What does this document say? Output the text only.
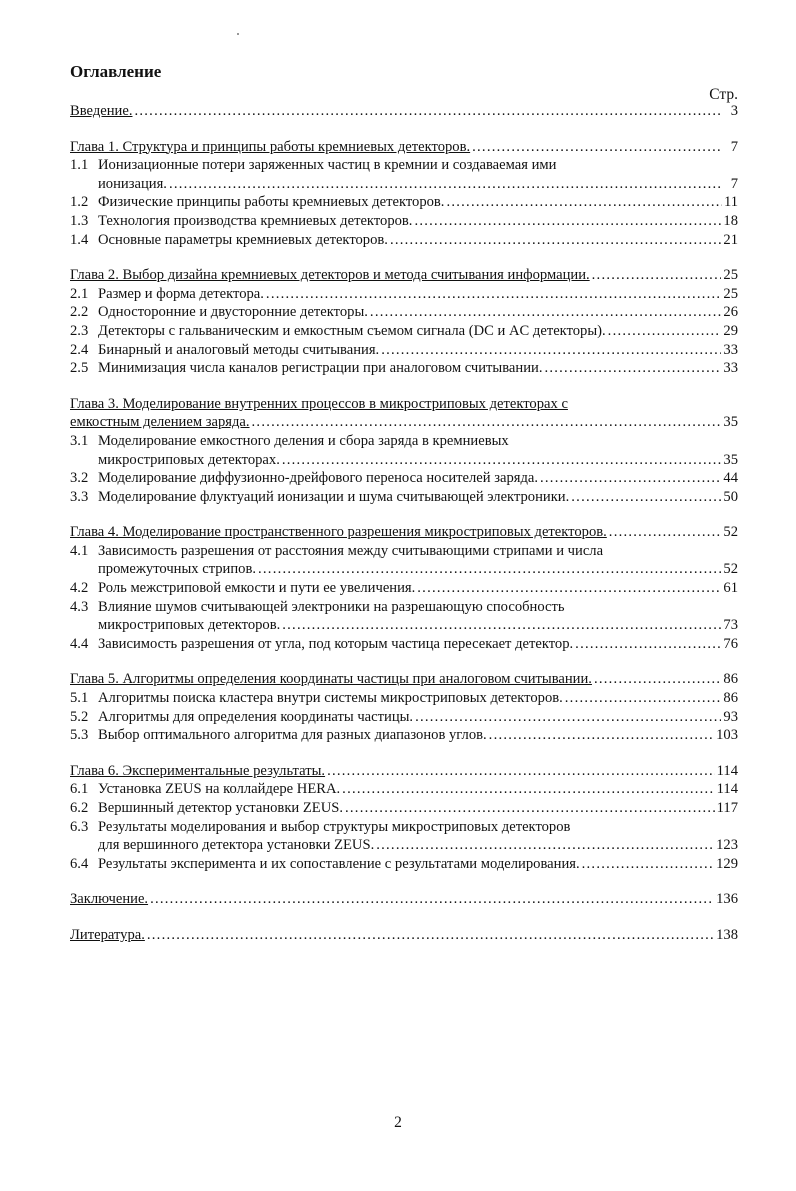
Оглавление
Стр.
Введение. . . .	3
Глава 1. Структура и принципы работы кремниевых детекторов. . . .	7
1.1 Ионизационные потери заряженных частиц в кремнии и создаваемая ими
ионизация. . . .	7
1.2 Физические принципы работы кремниевых детекторов. . . .	11
1.3 Технология производства кремниевых детекторов. . . .	18
1.4 Основные параметры кремниевых детекторов. . . .	21
Глава 2. Выбор дизайна кремниевых детекторов и метода считывания информации. . . .	25
2.1 Размер и форма детектора. . . .	25
2.2 Односторонние и двусторонние детекторы. . . .	26
2.3 Детекторы с гальваническим и емкостным съемом сигнала (DC и AC детекторы). . . .	29
2.4 Бинарный и аналоговый методы считывания. . . .	33
2.5 Минимизация числа каналов регистрации при аналоговом считывании. . . .	33
Глава 3. Моделирование внутренних процессов в микростриповых детекторах с
емкостным делением заряда. . . .	35
3.1 Моделирование емкостного деления и сбора заряда в кремниевых
микростриповых детекторах. . . .	35
3.2 Моделирование диффузионно-дрейфового переноса носителей заряда. . . .	44
3.3 Моделирование флуктуаций ионизации и шума считывающей электроники. . . .	50
Глава 4. Моделирование пространственного разрешения микростриповых детекторов. . . .	52
4.1 Зависимость разрешения от расстояния между считывающими стрипами и числа
промежуточных стрипов. . . .	52
4.2 Роль межстриповой емкости и пути ее увеличения. . . .	61
4.3 Влияние шумов считывающей электроники на разрешающую способность
микростриповых детекторов. . . .	73
4.4 Зависимость разрешения от угла, под которым частица пересекает детектор. . . .	76
Глава 5. Алгоритмы определения координаты частицы при аналоговом считывании. . . .	86
5.1 Алгоритмы поиска кластера внутри системы микростриповых детекторов. . . .	86
5.2 Алгоритмы для определения координаты частицы. . . .	93
5.3 Выбор оптимального алгоритма для разных диапазонов углов. . . .	103
Глава 6. Экспериментальные результаты. . . .	114
6.1 Установка ZEUS на коллайдере HERA. . . .	114
6.2 Вершинный детектор установки ZEUS. . . .	117
6.3 Результаты моделирования и выбор структуры микростриповых детекторов
для вершинного детектора установки ZEUS. . . .	123
6.4 Результаты эксперимента и их сопоставление с результатами моделирования. . . .	129
Заключение. . . .	136
Литература. . . .	138
2
